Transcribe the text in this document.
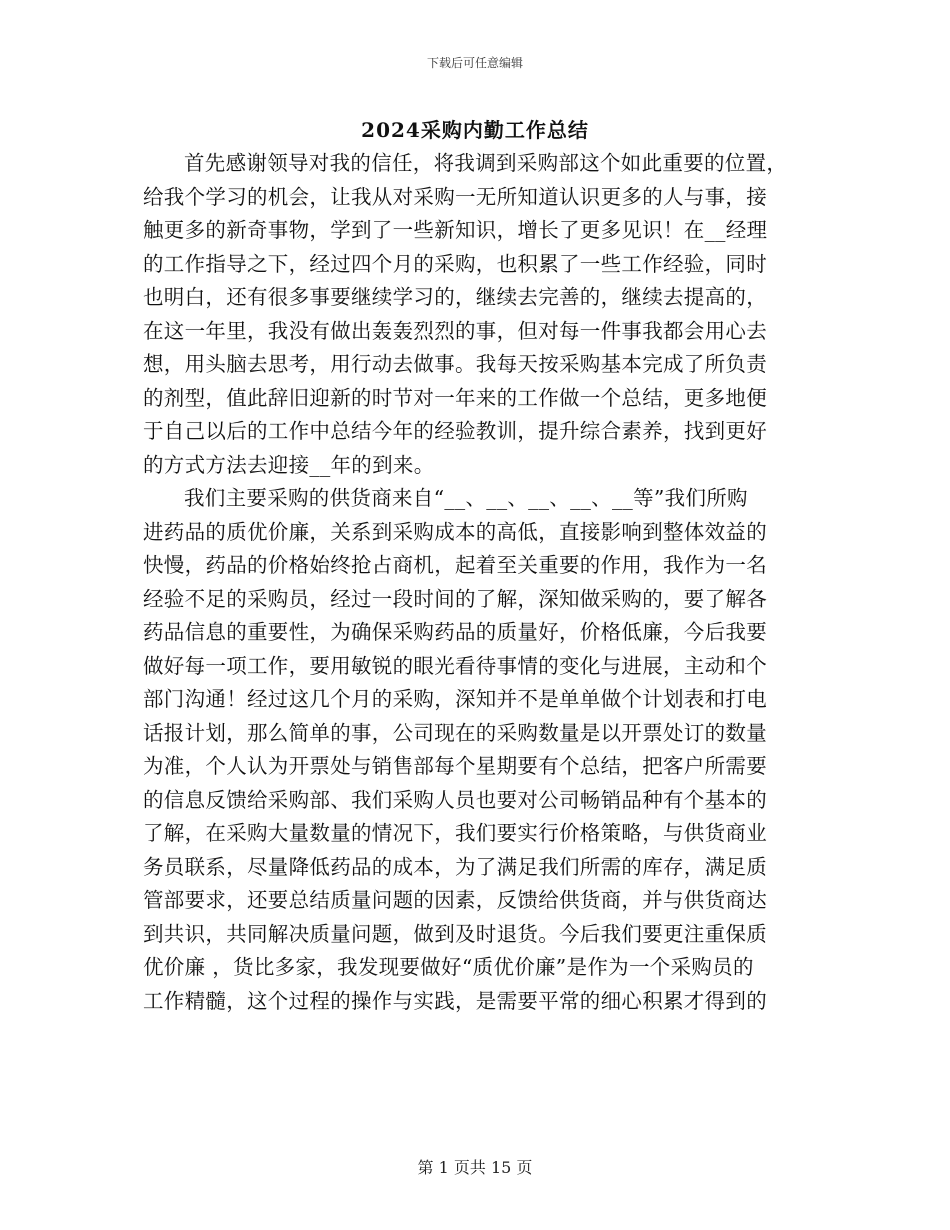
下载后可任意编辑
2024采购内勤工作总结
首先感谢领导对我的信任，将我调到采购部这个如此重要的位置，
给我个学习的机会，让我从对采购一无所知道认识更多的人与事，接
触更多的新奇事物，学到了一些新知识，增长了更多见识！在__经理
的工作指导之下，经过四个月的采购，也积累了一些工作经验，同时
也明白，还有很多事要继续学习的，继续去完善的，继续去提高的，
在这一年里，我没有做出轰轰烈烈的事，但对每一件事我都会用心去
想，用头脑去思考，用行动去做事。我每天按采购基本完成了所负责
的剂型，值此辞旧迎新的时节对一年来的工作做一个总结，更多地便
于自己以后的工作中总结今年的经验教训，提升综合素养，找到更好
的方式方法去迎接__年的到来。
我们主要采购的供货商来自“__、__、__、__、__等”我们所购
进药品的质优价廉，关系到采购成本的高低，直接影响到整体效益的
快慢，药品的价格始终抢占商机，起着至关重要的作用，我作为一名
经验不足的采购员，经过一段时间的了解，深知做采购的，要了解各
药品信息的重要性，为确保采购药品的质量好，价格低廉，今后我要
做好每一项工作，要用敏锐的眼光看待事情的变化与进展，主动和个
部门沟通！经过这几个月的采购，深知并不是单单做个计划表和打电
话报计划，那么简单的事，公司现在的采购数量是以开票处订的数量
为准，个人认为开票处与销售部每个星期要有个总结，把客户所需要
的信息反馈给采购部、我们采购人员也要对公司畅销品种有个基本的
了解，在采购大量数量的情况下，我们要实行价格策略，与供货商业
务员联系，尽量降低药品的成本，为了满足我们所需的库存，满足质
管部要求，还要总结质量问题的因素，反馈给供货商，并与供货商达
到共识，共同解决质量问题，做到及时退货。今后我们要更注重保质
优价廉 ，货比多家，我发现要做好“质优价廉”是作为一个采购员的
工作精髓，这个过程的操作与实践，是需要平常的细心积累才得到的
第 1 页共 15 页
